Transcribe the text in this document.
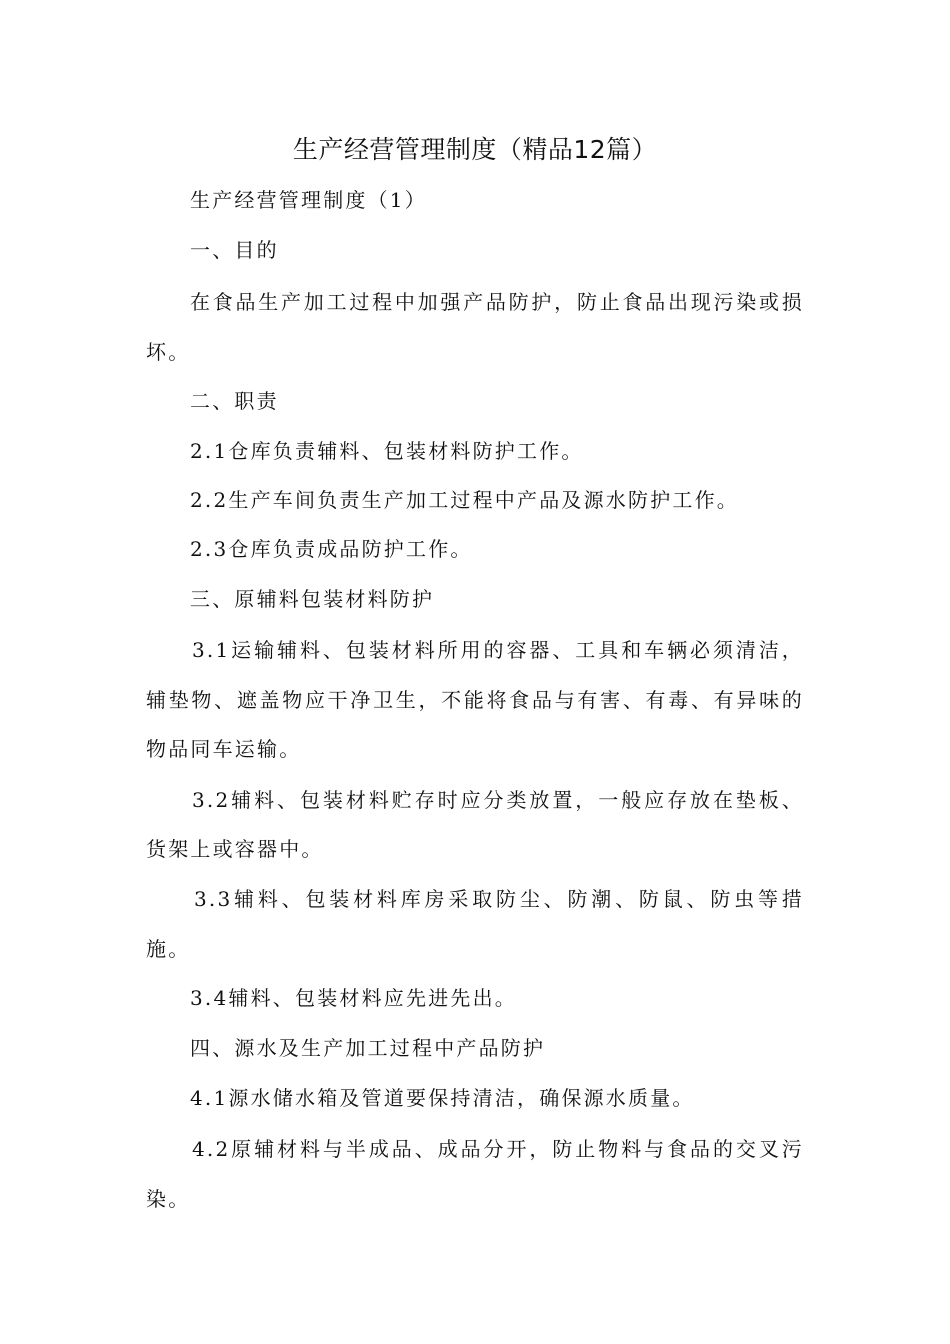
生产经营管理制度（精品12篇）
生产经营管理制度（1）
一、目的
在食品生产加工过程中加强产品防护，防止食品出现污染或损
坏。
二、职责
2.1仓库负责辅料、包装材料防护工作。
2.2生产车间负责生产加工过程中产品及源水防护工作。
2.3仓库负责成品防护工作。
三、原辅料包装材料防护
3.1运输辅料、包装材料所用的容器、工具和车辆必须清洁，
辅垫物、遮盖物应干净卫生，不能将食品与有害、有毒、有异味的
物品同车运输。
3.2辅料、包装材料贮存时应分类放置，一般应存放在垫板、
货架上或容器中。
3.3辅料、包装材料库房采取防尘、防潮、防鼠、防虫等措
施。
3.4辅料、包装材料应先进先出。
四、源水及生产加工过程中产品防护
4.1源水储水箱及管道要保持清洁，确保源水质量。
4.2原辅材料与半成品、成品分开，防止物料与食品的交叉污
染。
